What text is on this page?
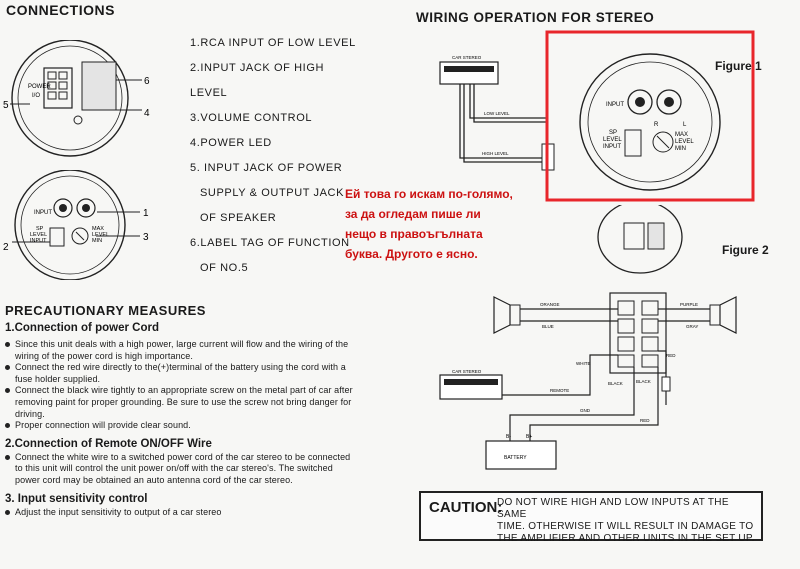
CONNECTIONS
POWER
I/O
5
6
4
INPUT
SP
LEVEL
INPUT
MAX
LEVEL
MIN
1
3
2
1.RCA INPUT OF LOW LEVEL
2.INPUT JACK OF HIGH LEVEL
3.VOLUME CONTROL
4.POWER LED
5. INPUT JACK OF POWER
SUPPLY & OUTPUT JACK
OF SPEAKER
6.LABEL TAG OF FUNCTION
OF NO.5
PRECAUTIONARY MEASURES
1.Connection of power Cord
Since this unit deals with a high power, large current will flow and the wiring of the wiring of the power cord is high importance.
Connect the red wire directly to the(+)terminal of the battery using the cord with a fuse holder supplied.
Connect the black wire tightly to an appropriate screw on the metal part of car after removing paint for proper grounding. Be sure to use the screw not bring danger for driving.
Proper connection will provide clear sound.
2.Connection of Remote ON/OFF Wire
Connect the white wire to a switched power cord of the car stereo to be connected to this unit will control the unit power on/off with the car stereo's. The switched power cord may be obtained an auto antenna cord of the car stereo.
3. Input sensitivity control
Adjust the input sensitivity to output of a car stereo
WIRING OPERATION FOR STEREO
CAR STEREO
LOW LEVEL
HIGH LEVEL
INPUT
R	L
SP
LEVEL
INPUT
MAX
LEVEL
MIN
Figure 1
Ей това го искам по-голямо,
за да огледам пише ли
нещо в правоъгълната
буква. Другото е ясно.	Figure 2
ORANGE
BLUE
PURPLE
GRAY
CAR STEREO
REMOTE
WHITE
GND
BLACK
RED
BLACK
RED
BATTERY
B-	B+
CAUTION:
DO NOT WIRE HIGH AND LOW INPUTS AT THE SAME
TIME. OTHERWISE IT WILL RESULT IN DAMAGE TO
THE AMPLIFIER AND OTHER UNITS IN THE SET UP.
